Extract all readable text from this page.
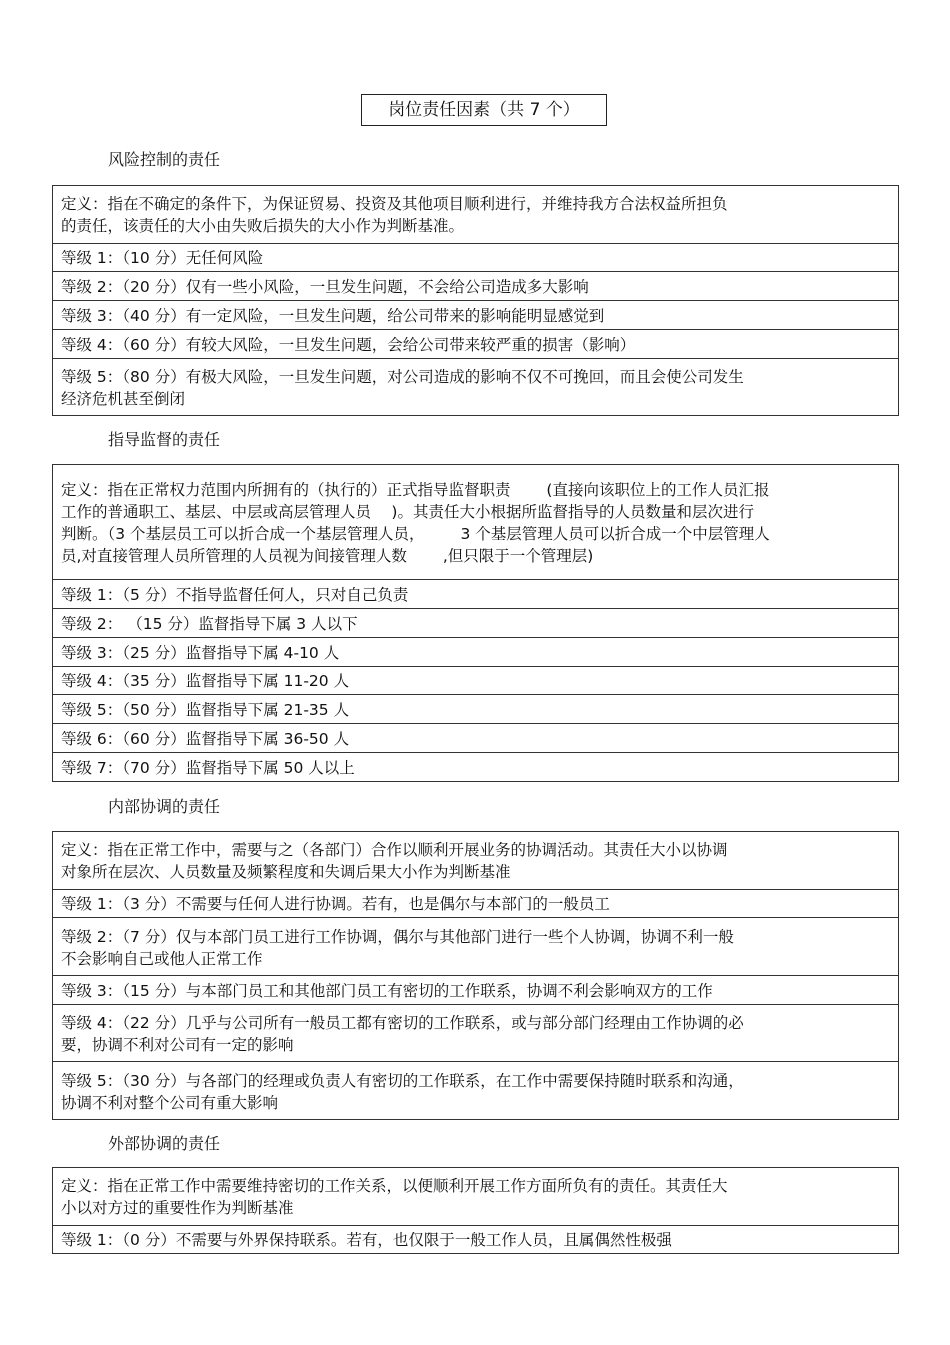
岗位责任因素（共 7 个）
风险控制的责任
定义：指在不确定的条件下，为保证贸易、投资及其他项目顺利进行，并维持我方合法权益所担负
的责任，该责任的大小由失败后损失的大小作为判断基准。
等级 1：（10 分）无任何风险
等级 2：（20 分）仅有一些小风险，一旦发生问题，不会给公司造成多大影响
等级 3：（40 分）有一定风险，一旦发生问题，给公司带来的影响能明显感觉到
等级 4：（60 分）有较大风险，一旦发生问题，会给公司带来较严重的损害（影响）
等级 5：（80 分）有极大风险，一旦发生问题，对公司造成的影响不仅不可挽回，而且会使公司发生
经济危机甚至倒闭
指导监督的责任
定义：指在正常权力范围内所拥有的（执行的）正式指导监督职责 　　(直接向该职位上的工作人员汇报
工作的普通职工、基层、中层或高层管理人员 　)。其责任大小根据所监督指导的人员数量和层次进行
判断。（3 个基层员工可以折合成一个基层管理人员， 　　3 个基层管理人员可以折合成一个中层管理人
员,对直接管理人员所管理的人员视为间接管理人数 　　,但只限于一个管理层)
等级 1：（5 分）不指导监督任何人，只对自己负责
等级 2： （15 分）监督指导下属 3 人以下
等级 3：（25 分）监督指导下属 4-10 人
等级 4：（35 分）监督指导下属 11-20 人
等级 5：（50 分）监督指导下属 21-35 人
等级 6：（60 分）监督指导下属 36-50 人
等级 7：（70 分）监督指导下属 50 人以上
内部协调的责任
定义：指在正常工作中，需要与之（各部门）合作以顺利开展业务的协调活动。其责任大小以协调
对象所在层次、人员数量及频繁程度和失调后果大小作为判断基准
等级 1：（3 分）不需要与任何人进行协调。若有，也是偶尔与本部门的一般员工
等级 2：（7 分）仅与本部门员工进行工作协调，偶尔与其他部门进行一些个人协调，协调不利一般
不会影响自己或他人正常工作
等级 3：（15 分）与本部门员工和其他部门员工有密切的工作联系，协调不利会影响双方的工作
等级 4：（22 分）几乎与公司所有一般员工都有密切的工作联系，或与部分部门经理由工作协调的必
要，协调不利对公司有一定的影响
等级 5：（30 分）与各部门的经理或负责人有密切的工作联系，在工作中需要保持随时联系和沟通，
协调不利对整个公司有重大影响
外部协调的责任
定义：指在正常工作中需要维持密切的工作关系，以便顺利开展工作方面所负有的责任。其责任大
小以对方过的重要性作为判断基准
等级 1：（0 分）不需要与外界保持联系。若有，也仅限于一般工作人员，且属偶然性极强
